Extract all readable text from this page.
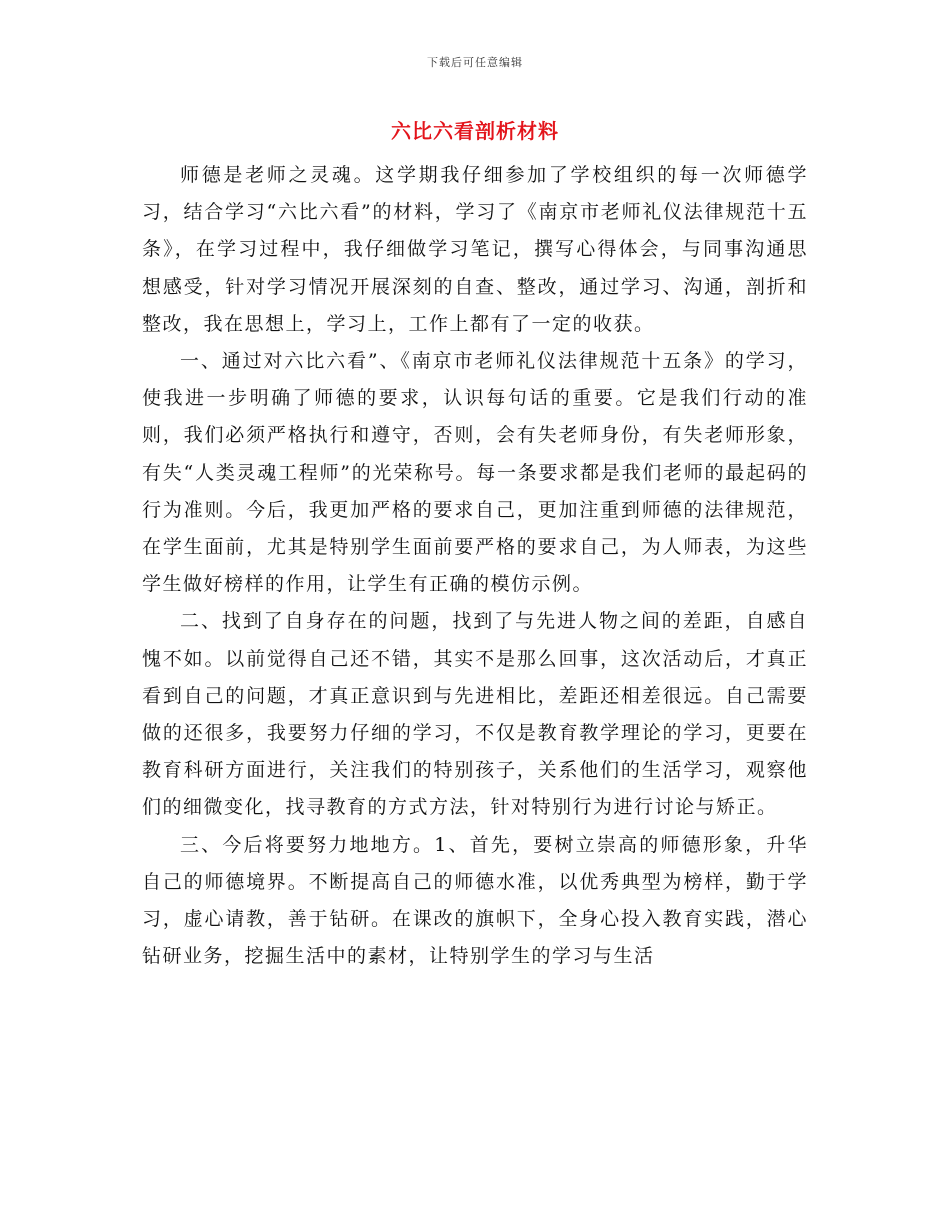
下载后可任意编辑
六比六看剖析材料

师德是老师之灵魂。这学期我仔细参加了学校组织的每一次师德学习，结合学习“六比六看”的材料，学习了《南京市老师礼仪法律规范十五条》，在学习过程中，我仔细做学习笔记，撰写心得体会，与同事沟通思想感受，针对学习情况开展深刻的自查、整改，通过学习、沟通，剖折和整改，我在思想上，学习上，工作上都有了一定的收获。

一、通过对六比六看”、《南京市老师礼仪法律规范十五条》的学习，使我进一步明确了师德的要求，认识每句话的重要。它是我们行动的准则，我们必须严格执行和遵守，否则，会有失老师身份，有失老师形象，有失“人类灵魂工程师”的光荣称号。每一条要求都是我们老师的最起码的行为准则。今后，我更加严格的要求自己，更加注重到师德的法律规范，在学生面前，尤其是特别学生面前要严格的要求自己，为人师表，为这些学生做好榜样的作用，让学生有正确的模仿示例。

二、找到了自身存在的问题，找到了与先进人物之间的差距，自感自愧不如。以前觉得自己还不错，其实不是那么回事，这次活动后，才真正看到自己的问题，才真正意识到与先进相比，差距还相差很远。自己需要做的还很多，我要努力仔细的学习，不仅是教育教学理论的学习，更要在教育科研方面进行，关注我们的特别孩子，关系他们的生活学习，观察他们的细微变化，找寻教育的方式方法，针对特别行为进行讨论与矫正。

三、今后将要努力地地方。1、首先，要树立崇高的师德形象，升华自己的师德境界。不断提高自己的师德水准，以优秀典型为榜样，勤于学习，虚心请教，善于钻研。在课改的旗帜下，全身心投入教育实践，潜心钻研业务，挖掘生活中的素材，让特别学生的学习与生活
